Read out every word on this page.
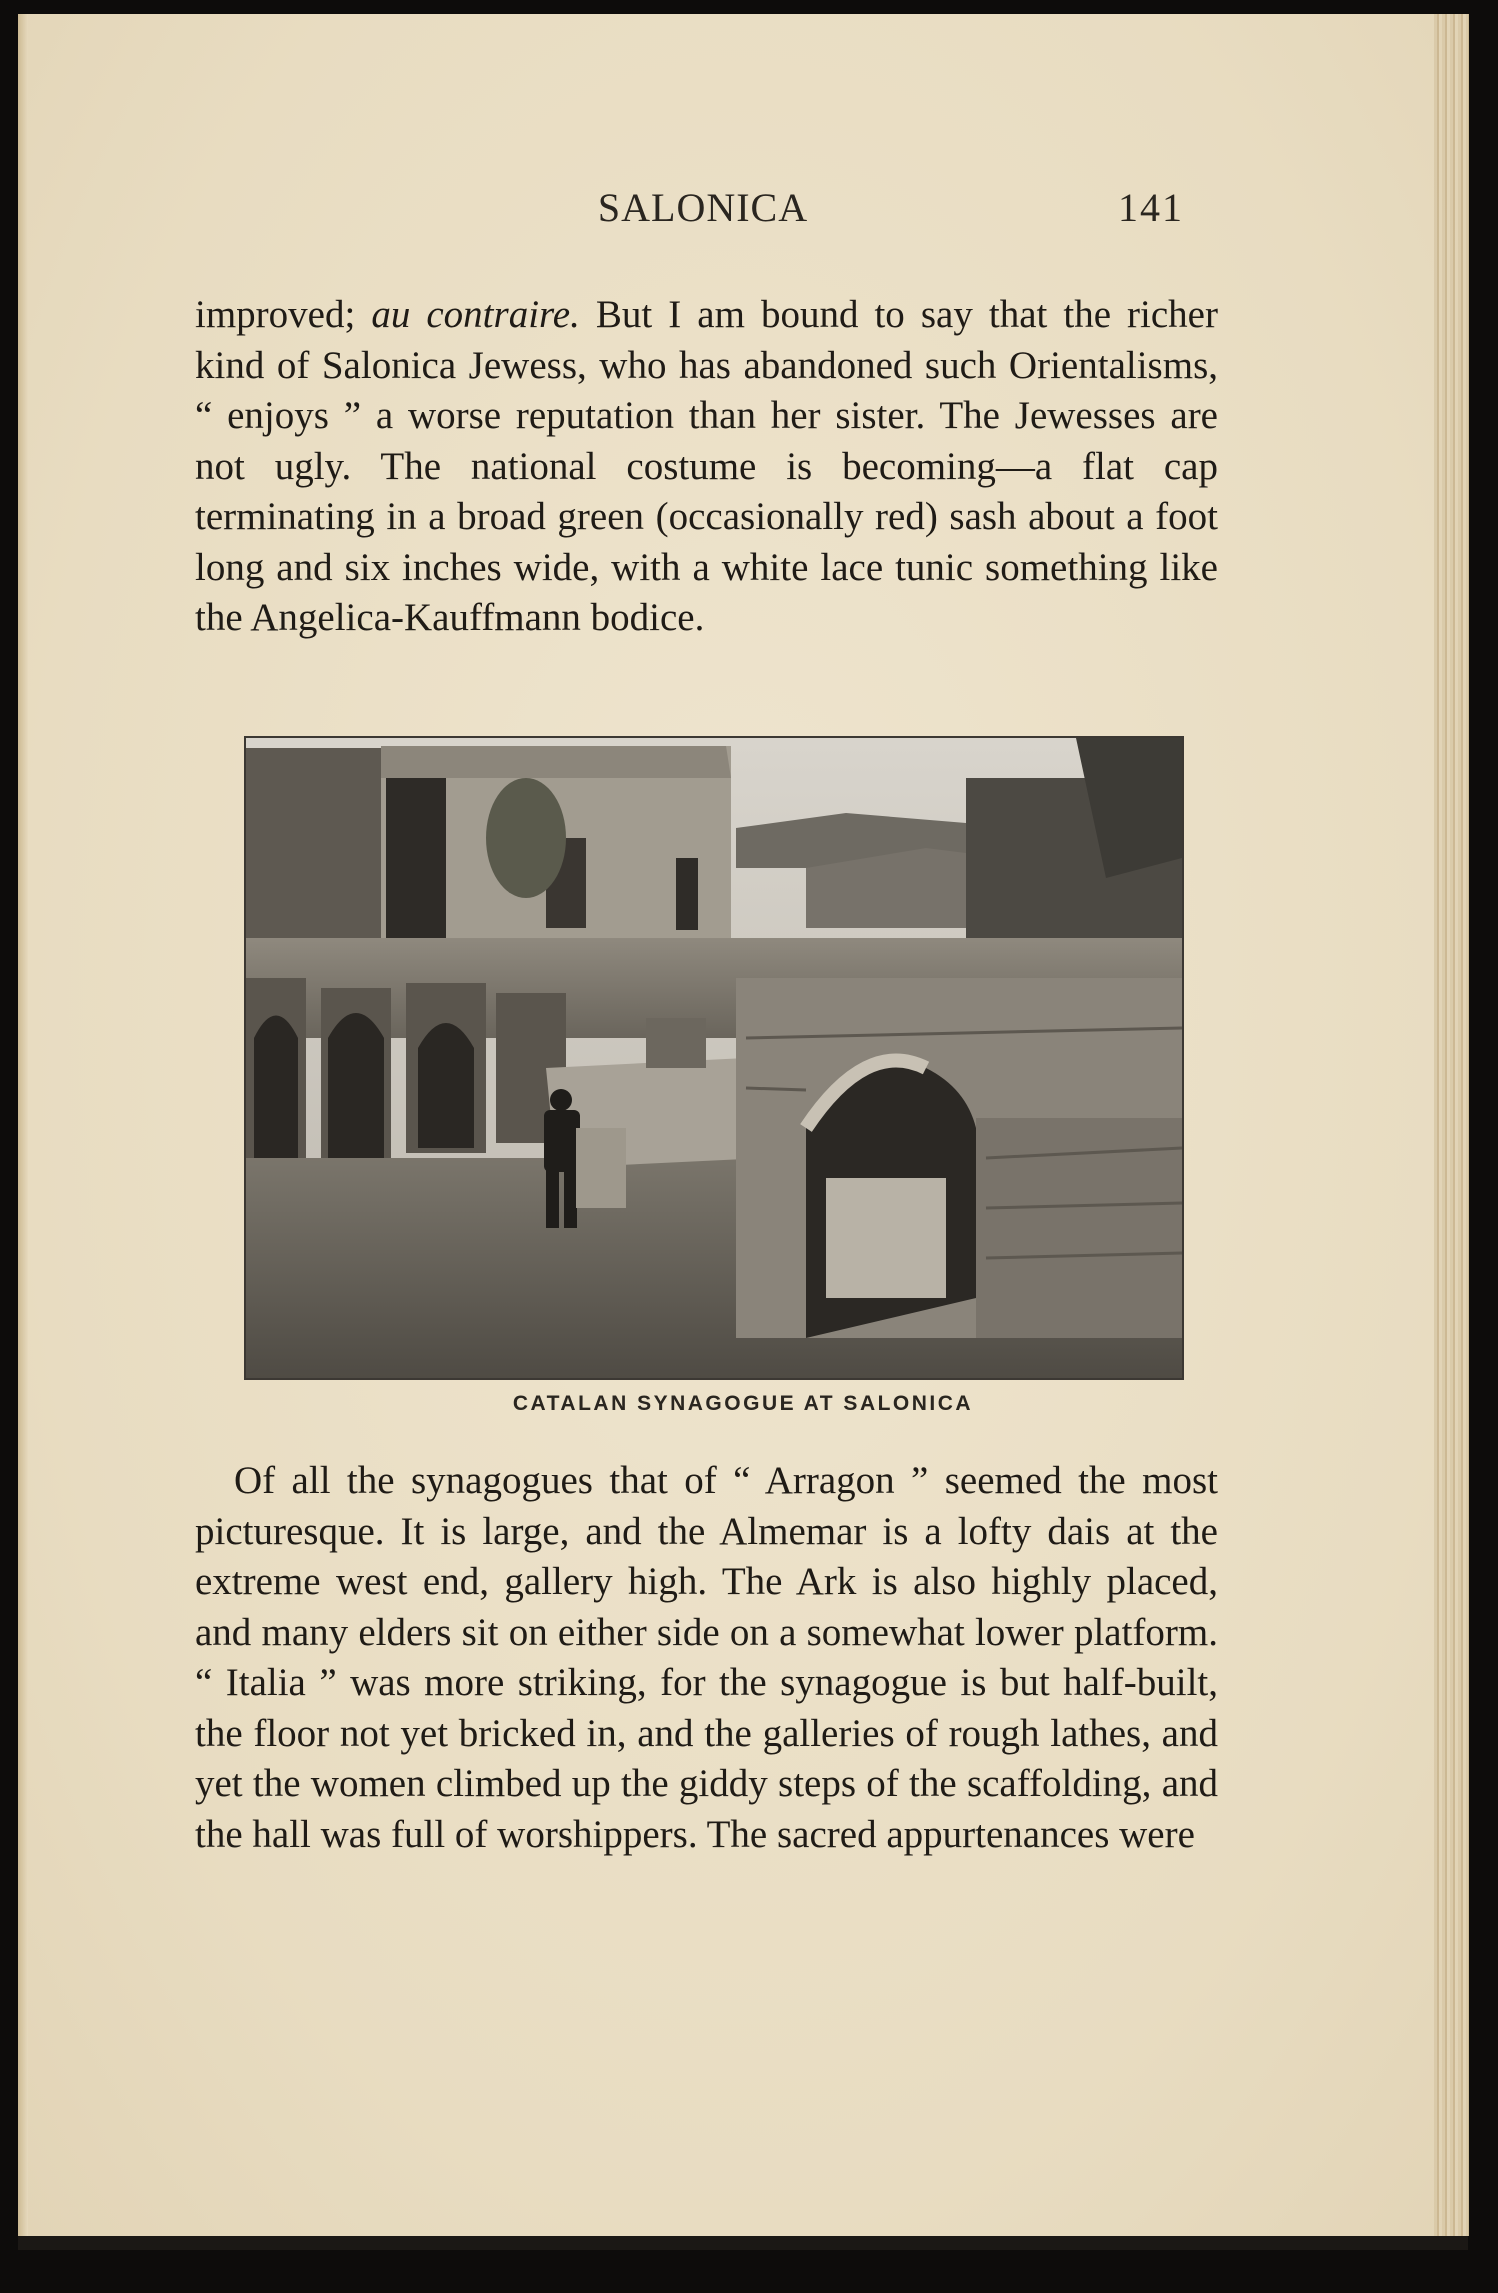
SALONICA	141

improved; au contraire. But I am bound to say that the richer kind of Salonica Jewess, who has abandoned such Orientalisms, “ enjoys ” a worse reputation than her sister. The Jewesses are not ugly. The national costume is becoming—a flat cap terminating in a broad green (occasionally red) sash about a foot long and six inches wide, with a white lace tunic something like the Angelica-Kauffmann bodice.

CATALAN SYNAGOGUE AT SALONICA

Of all the synagogues that of “ Arragon ” seemed the most picturesque. It is large, and the Almemar is a lofty dais at the extreme west end, gallery high. The Ark is also highly placed, and many elders sit on either side on a somewhat lower platform. “ Italia ” was more striking, for the synagogue is but half-built, the floor not yet bricked in, and the galleries of rough lathes, and yet the women climbed up the giddy steps of the scaffolding, and the hall was full of worshippers. The sacred appurtenances were
